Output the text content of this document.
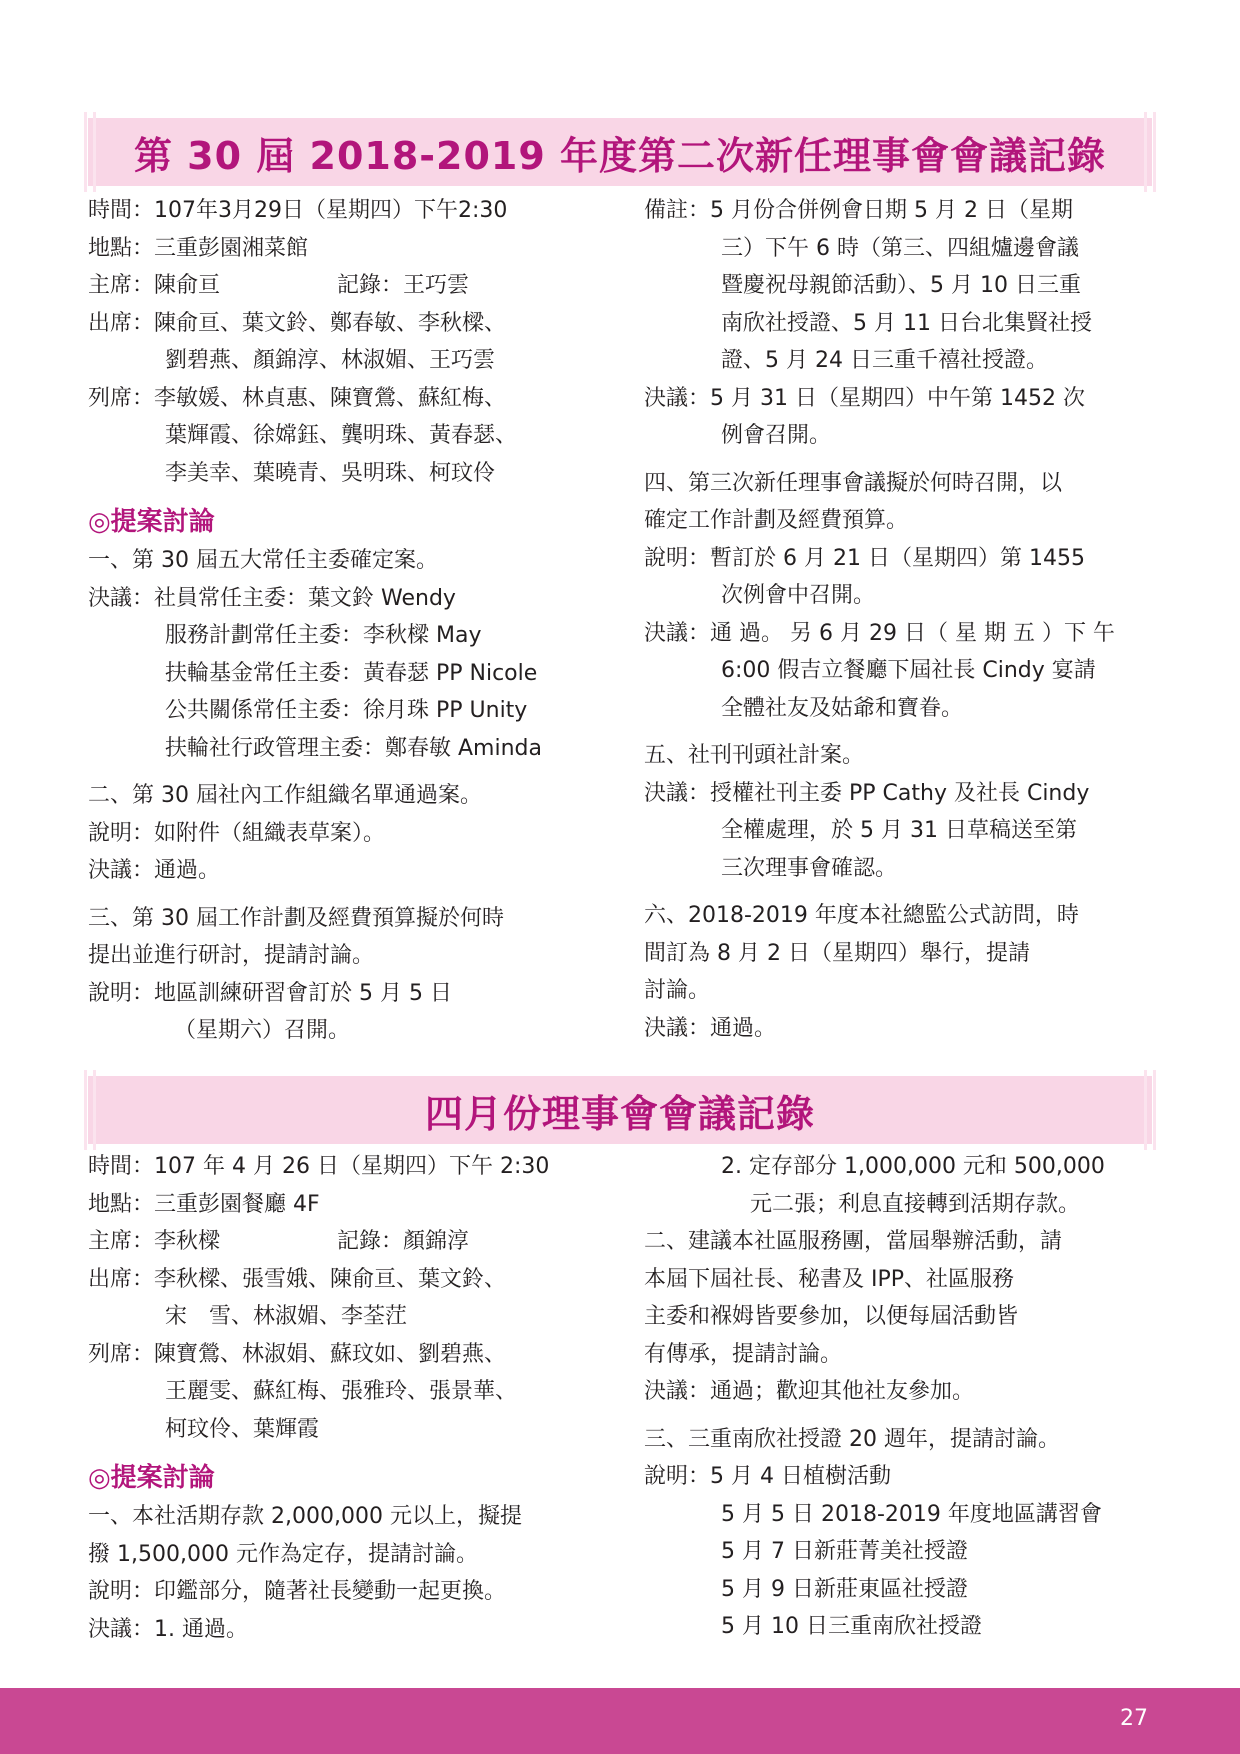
第 30 屆 2018-2019 年度第二次新任理事會會議記錄
時間： 107年3月29日（星期四）下午2:30
地點： 三重彭園湘菜館
主席： 陳俞亘	記錄： 王巧雲
出席： 陳俞亘、葉文鈴、鄭春敏、李秋樑、
劉碧燕、顏錦淳、林淑媚、王巧雲
列席： 李敏媛、林貞惠、陳寶鶯、蘇紅梅、
葉輝霞、徐嫦鈺、龔明珠、黃春瑟、
李美幸、葉曉青、吳明珠、柯玟伶
◎提案討論
一、第 30 屆五大常任主委確定案。
決議： 社員常任主委：葉文鈴 Wendy
服務計劃常任主委：李秋樑 May
扶輪基金常任主委：黃春瑟 PP Nicole
公共關係常任主委：徐月珠 PP Unity
扶輪社行政管理主委：鄭春敏 Aminda
二、第 30 屆社內工作組織名單通過案。
說明： 如附件（組織表草案）。
決議： 通過。
三、第 30 屆工作計劃及經費預算擬於何時
提出並進行研討，提請討論。
說明： 地區訓練研習會訂於 5 月 5 日
（星期六）召開。
備註： 5 月份合併例會日期 5 月 2 日（星期
三）下午 6 時（第三、四組爐邊會議
暨慶祝母親節活動）、5 月 10 日三重
南欣社授證、5 月 11 日台北集賢社授
證、5 月 24 日三重千禧社授證。
決議： 5 月 31 日（星期四）中午第 1452 次
例會召開。
四、第三次新任理事會議擬於何時召開，以
確定工作計劃及經費預算。
說明： 暫訂於 6 月 21 日（星期四）第 1455
次例會中召開。
決議： 通 過。 另 6 月 29 日（ 星 期 五 ）下 午
6:00 假吉立餐廳下屆社長 Cindy 宴請
全體社友及姑爺和寶眷。
五、社刊刊頭社計案。
決議： 授權社刊主委 PP Cathy 及社長 Cindy
全權處理，於 5 月 31 日草稿送至第
三次理事會確認。
六、2018-2019 年度本社總監公式訪問，時
間訂為 8 月 2 日（星期四）舉行，提請
討論。
決議： 通過。
四月份理事會會議記錄
時間： 107 年 4 月 26 日（星期四）下午 2:30
地點： 三重彭園餐廳 4F
主席： 李秋樑	記錄： 顏錦淳
出席： 李秋樑、張雪娥、陳俞亘、葉文鈴、
宋　雪、林淑媚、李荃茳
列席： 陳寶鶯、林淑娟、蘇玟如、劉碧燕、
王麗雯、蘇紅梅、張雅玲、張景華、
柯玟伶、葉輝霞
◎提案討論
一、本社活期存款 2,000,000 元以上，擬提
撥 1,500,000 元作為定存，提請討論。
說明： 印鑑部分，隨著社長變動一起更換。
決議： 1. 通過。
2. 定存部分 1,000,000 元和 500,000
元二張；利息直接轉到活期存款。
二、建議本社區服務團，當屆舉辦活動，請
本屆下屆社長、秘書及 IPP、社區服務
主委和褓姆皆要參加，以便每屆活動皆
有傳承，提請討論。
決議： 通過；歡迎其他社友參加。
三、三重南欣社授證 20 週年，提請討論。
說明： 5 月 4 日植樹活動
5 月 5 日 2018-2019 年度地區講習會
5 月 7 日新莊菁美社授證
5 月 9 日新莊東區社授證
5 月 10 日三重南欣社授證
27
